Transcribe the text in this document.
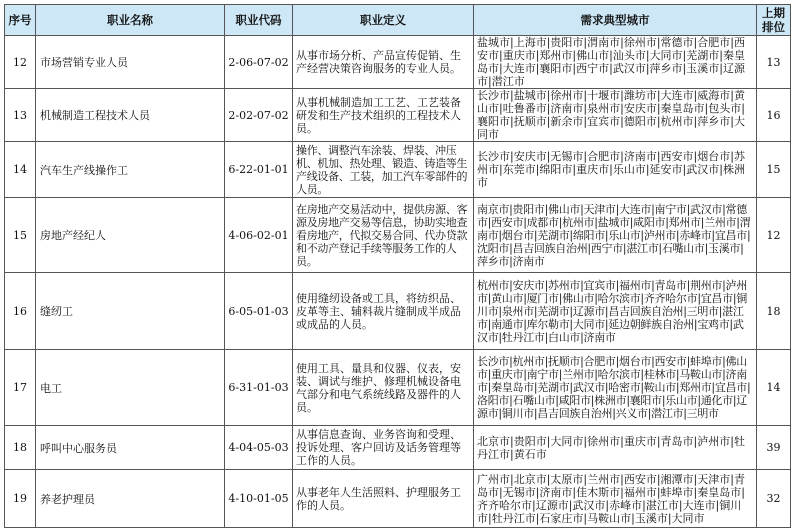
序号	职业名称	职业代码	职业定义	需求典型城市	上期排位
12	市场营销专业人员	2-06-07-02	从事市场分析、产品宣传促销、生产经营决策咨询服务的专业人员。	盐城市|上海市|贵阳市|渭南市|徐州市|常德市|合肥市|西安市|重庆市|郑州市|佛山市|汕头市|大同市|芜湖市|秦皇岛市|大连市|襄阳市|西宁市|武汉市|萍乡市|玉溪市|辽源市|潜江市	13
13	机械制造工程技术人员	2-02-07-02	从事机械制造加工工艺、工艺装备研发和生产技术组织的工程技术人员。	长沙市|盐城市|徐州市|十堰市|潍坊市|大连市|威海市|黄山市|吐鲁番市|济南市|泉州市|安庆市|秦皇岛市|包头市|襄阳市|抚顺市|新余市|宜宾市|德阳市|杭州市|萍乡市|大同市	16
14	汽车生产线操作工	6-22-01-01	操作、调整汽车涂装、焊装、冲压机、机加、热处理、锻造、铸造等生产线设备、工装，加工汽车零部件的人员。	长沙市|安庆市|无锡市|合肥市|济南市|西安市|烟台市|苏州市|东莞市|绵阳市|重庆市|乐山市|延安市|武汉市|株洲市	15
15	房地产经纪人	4-06-02-01	在房地产交易活动中，提供房源、客源及房地产交易等信息，协助实地查看房地产，代拟交易合同、代办贷款和不动产登记手续等服务工作的人员。	南京市|贵阳市|佛山市|天津市|大连市|南宁市|武汉市|常德市|西安市|成都市|杭州市|盐城市|咸阳市|郑州市|兰州市|渭南市|烟台市|芜湖市|绵阳市|乐山市|泸州市|赤峰市|宜昌市|沈阳市|昌吉回族自治州|西宁市|湛江市|石嘴山市|玉溪市|萍乡市|济南市	12
16	缝纫工	6-05-01-03	使用缝纫设备或工具，将纺织品、皮革等主、辅料裁片缝制成半成品或成品的人员。	杭州市|安庆市|苏州市|宜宾市|福州市|青岛市|荆州市|泸州市|黄山市|厦门市|佛山市|哈尔滨市|齐齐哈尔市|宜昌市|铜川市|泉州市|芜湖市|辽源市|昌吉回族自治州|三明市|湛江市|南通市|库尔勒市|大同市|延边朝鲜族自治州|宝鸡市|武汉市|牡丹江市|白山市|济南市	18
17	电工	6-31-01-03	使用工具、量具和仪器、仪表，安装、调试与维护、修理机械设备电气部分和电气系统线路及器件的人员。	长沙市|杭州市|抚顺市|合肥市|烟台市|西安市|蚌埠市|佛山市|重庆市|南宁市|兰州市|哈尔滨市|桂林市|马鞍山市|济南市|秦皇岛市|芜湖市|武汉市|哈密市|鞍山市|郑州市|宜昌市|洛阳市|石嘴山市|咸阳市|株洲市|襄阳市|乐山市|通化市|辽源市|铜川市|昌吉回族自治州|兴义市|潜江市|三明市	14
18	呼叫中心服务员	4-04-05-03	从事信息查询、业务咨询和受理、投诉处理、客户回访及话务管理等工作的人员。	北京市|贵阳市|大同市|徐州市|重庆市|青岛市|泸州市|牡丹江市|黄石市	39
19	养老护理员	4-10-01-05	从事老年人生活照料、护理服务工作的人员。	广州市|北京市|太原市|兰州市|西安市|湘潭市|天津市|青岛市|无锡市|济南市|佳木斯市|福州市|蚌埠市|秦皇岛市|齐齐哈尔市|辽源市|武汉市|赤峰市|湛江市|大连市|铜川市|牡丹江市|石家庄市|马鞍山市|玉溪市|大同市	32
